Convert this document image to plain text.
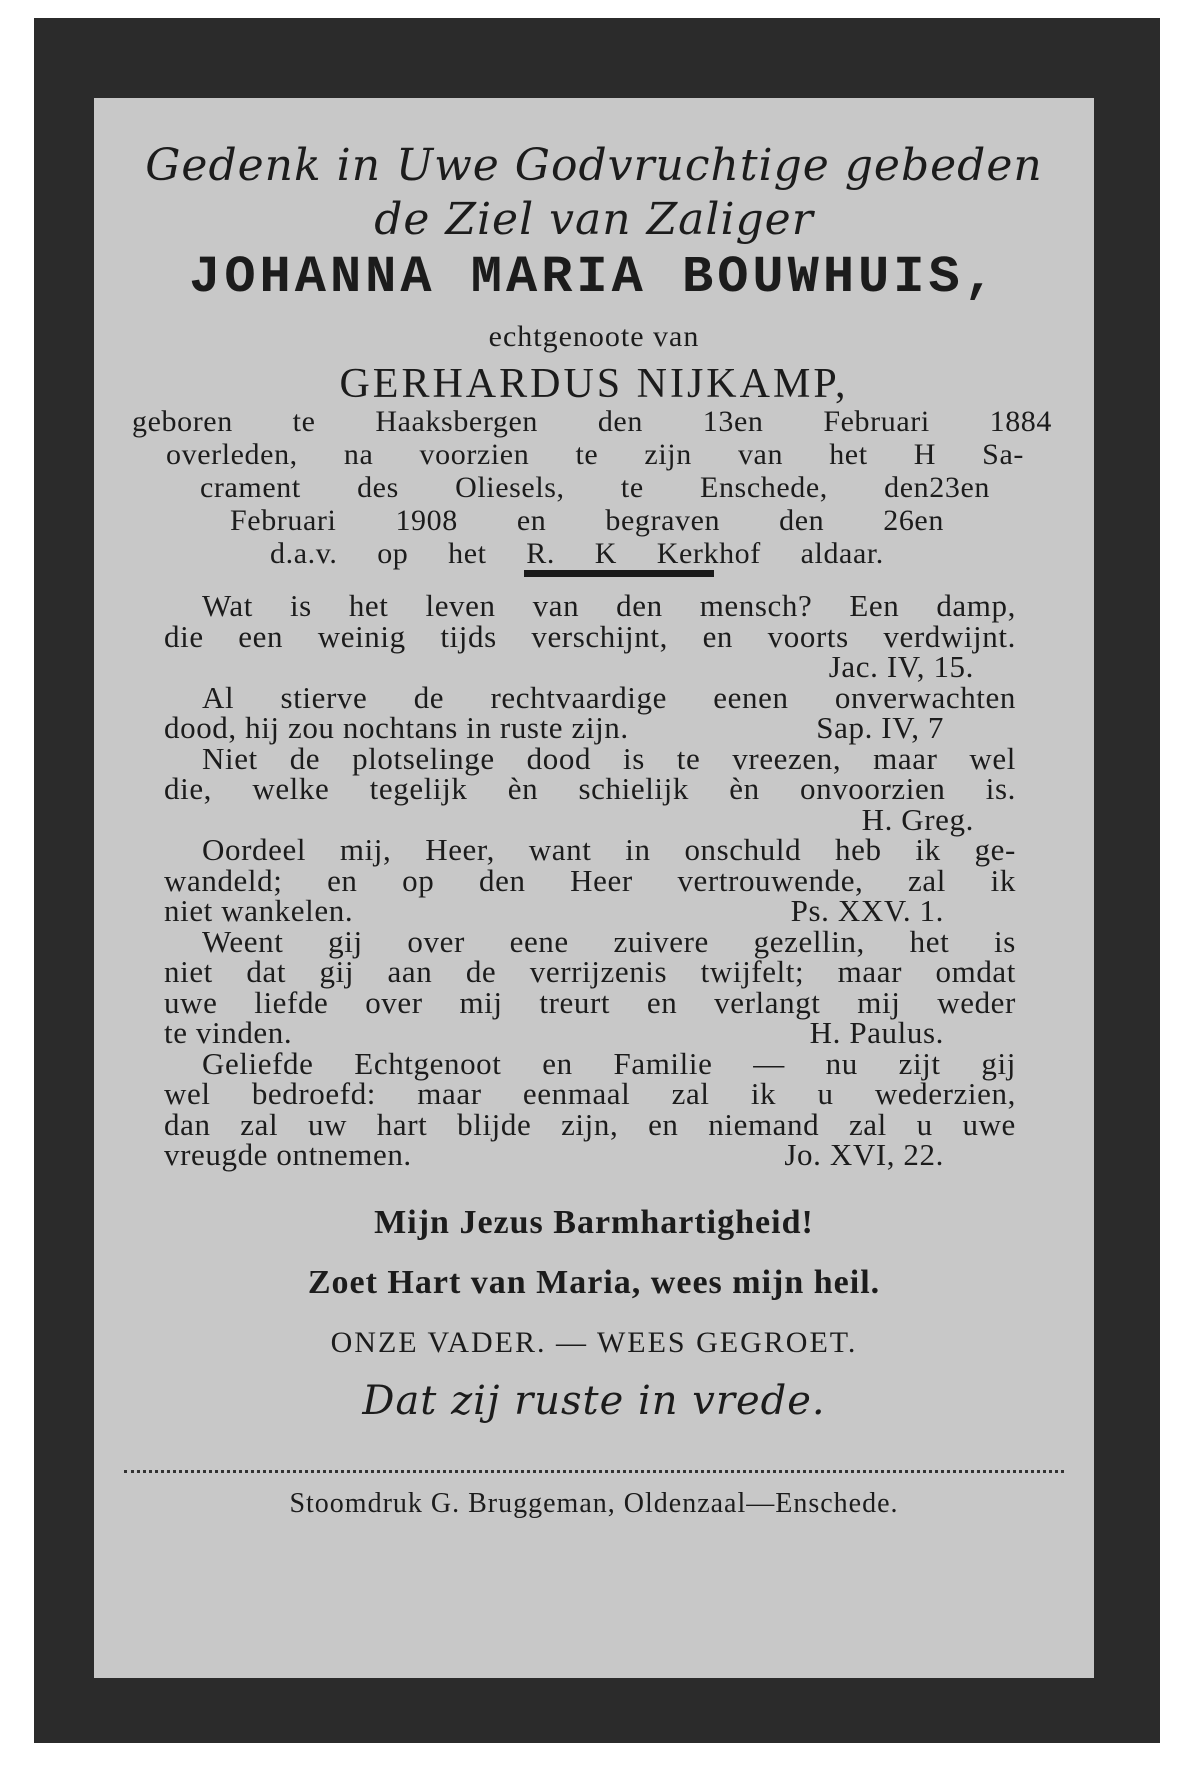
Gedenk in Uwe Godvruchtige gebeden
de Ziel van Zaliger
JOHANNA MARIA BOUWHUIS,
echtgenoote van
GERHARDUS NIJKAMP,
geboren te Haaksbergen den 13en Februari 1884
overleden, na voorzien te zijn van het H Sa-
crament des Oliesels, te Enschede, den23en
Februari 1908 en begraven den 26en
d.a.v. op het R. K Kerkhof aldaar.
Wat is het leven van den mensch? Een damp,
die een weinig tijds verschijnt, en voorts verdwijnt.
Jac. IV, 15.
Al stierve de rechtvaardige eenen onverwachten
dood, hij zou nochtans in ruste zijn.	Sap. IV, 7
Niet de plotselinge dood is te vreezen, maar wel
die, welke tegelijk èn schielijk èn onvoorzien is.
H. Greg.
Oordeel mij, Heer, want in onschuld heb ik ge-
wandeld; en op den Heer vertrouwende, zal ik
niet wankelen.	Ps. XXV. 1.
Weent gij over eene zuivere gezellin, het is
niet dat gij aan de verrijzenis twijfelt; maar omdat
uwe liefde over mij treurt en verlangt mij weder
te vinden.	H. Paulus.
Geliefde Echtgenoot en Familie — nu zijt gij
wel bedroefd: maar eenmaal zal ik u wederzien,
dan zal uw hart blijde zijn, en niemand zal u uwe
vreugde ontnemen.	Jo. XVI, 22.
Mijn Jezus Barmhartigheid!
Zoet Hart van Maria, wees mijn heil.
ONZE VADER. — WEES GEGROET.
Dat zij ruste in vrede.
Stoomdruk G. Bruggeman, Oldenzaal—Enschede.
